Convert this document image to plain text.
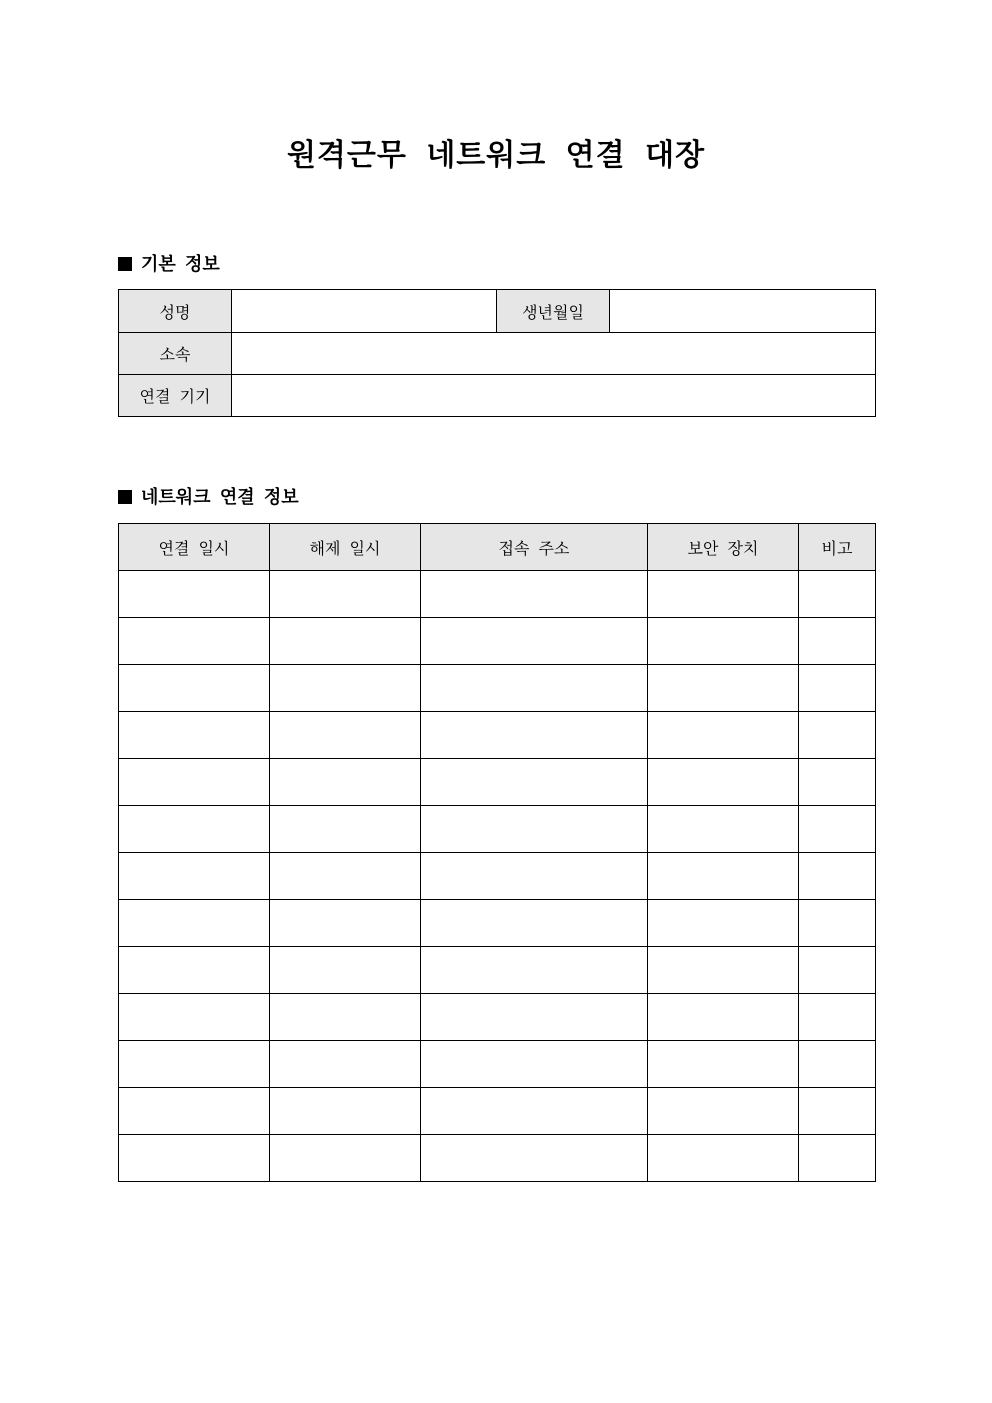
원격근무 네트워크 연결 대장
기본 정보
성명		생년월일	
소속			
연결 기기			
네트워크 연결 정보
연결 일시	해제 일시	접속 주소	보안 장치	비고
